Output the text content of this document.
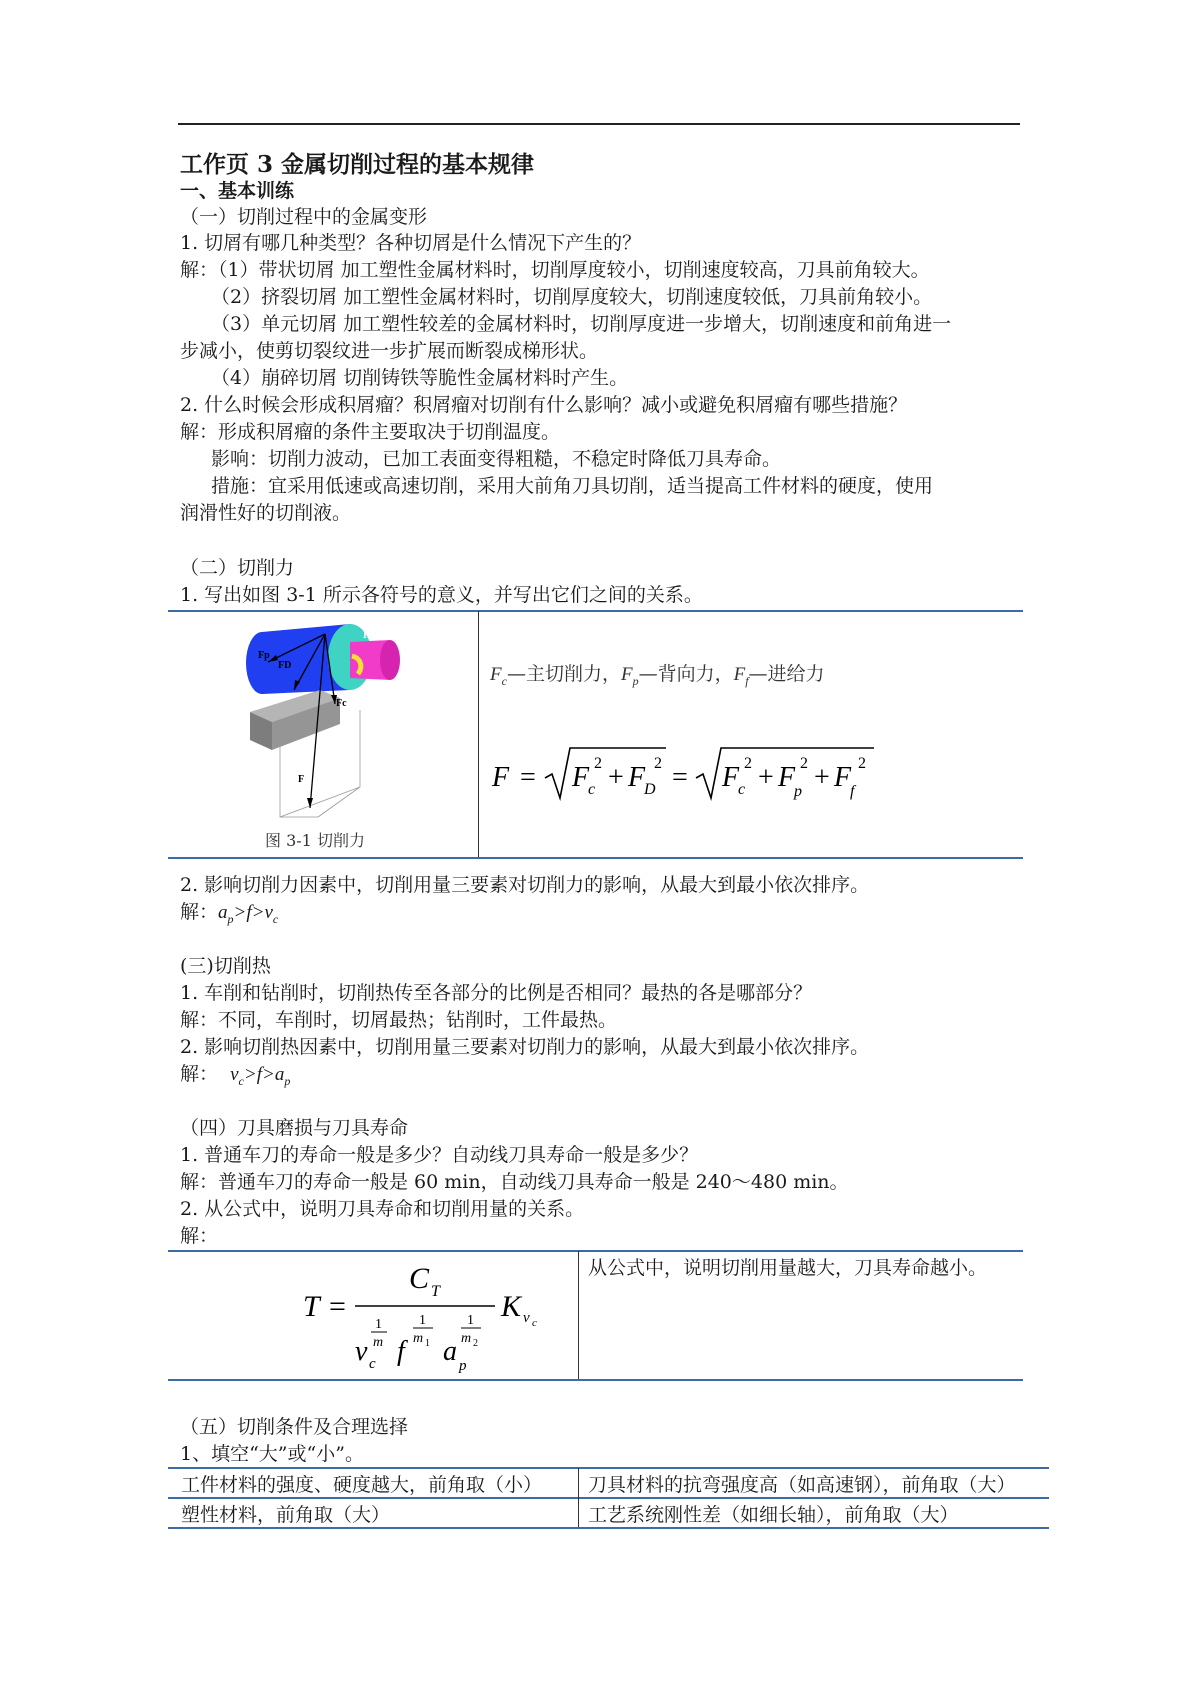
工作页 3 金属切削过程的基本规律
一、基本训练
（一）切削过程中的金属变形
1. 切屑有哪几种类型？各种切屑是什么情况下产生的？
解：（1）带状切屑 加工塑性金属材料时，切削厚度较小，切削速度较高，刀具前角较大。
（2）挤裂切屑 加工塑性金属材料时，切削厚度较大，切削速度较低，刀具前角较小。
（3）单元切屑 加工塑性较差的金属材料时，切削厚度进一步增大，切削速度和前角进一
步减小，使剪切裂纹进一步扩展而断裂成梯形状。
（4）崩碎切屑 切削铸铁等脆性金属材料时产生。
2. 什么时候会形成积屑瘤？积屑瘤对切削有什么影响？减小或避免积屑瘤有哪些措施？
解：形成积屑瘤的条件主要取决于切削温度。
影响：切削力波动，已加工表面变得粗糙，不稳定时降低刀具寿命。
措施：宜采用低速或高速切削，采用大前角刀具切削，适当提高工件材料的硬度，使用
润滑性好的切削液。
（二）切削力
1. 写出如图 3-1 所示各符号的意义，并写出它们之间的关系。
Ff
Fp
FD
Fc
F
图 3-1 切削力
$F_c—$主切削力，$F_p—$背向力，$F_f—$进给力
F = F
c
2 + F
D
2 = F
c
2 + F
p
2 + F
f
2
2. 影响切削力因素中，切削用量三要素对切削力的影响，从最大到最小依次排序。
解：$a_p>f>v_c$
(三)切削热
1. 车削和钻削时，切削热传至各部分的比例是否相同？最热的各是哪部分？
解：不同，车削时，切屑最热；钻削时，工件最热。
2. 影响切削热因素中，切削用量三要素对切削力的影响，从最大到最小依次排序。
解： $v_c>f>a_p$
（四）刀具磨损与刀具寿命
1. 普通车刀的寿命一般是多少？自动线刀具寿命一般是多少？
解：普通车刀的寿命一般是 60 min，自动线刀具寿命一般是 240～480 min。
2. 从公式中，说明刀具寿命和切削用量的关系。
解：
T =
C T K v c
1
m
1
m 1
1
m 2
v c f a p
从公式中，说明切削用量越大，刀具寿命越小。
（五）切削条件及合理选择
1、填空“大”或“小”。
工件材料的强度、硬度越大，前角取（小） 刀具材料的抗弯强度高（如高速钢），前角取（大）
塑性材料，前角取（大）	工艺系统刚性差（如细长轴），前角取（大）
